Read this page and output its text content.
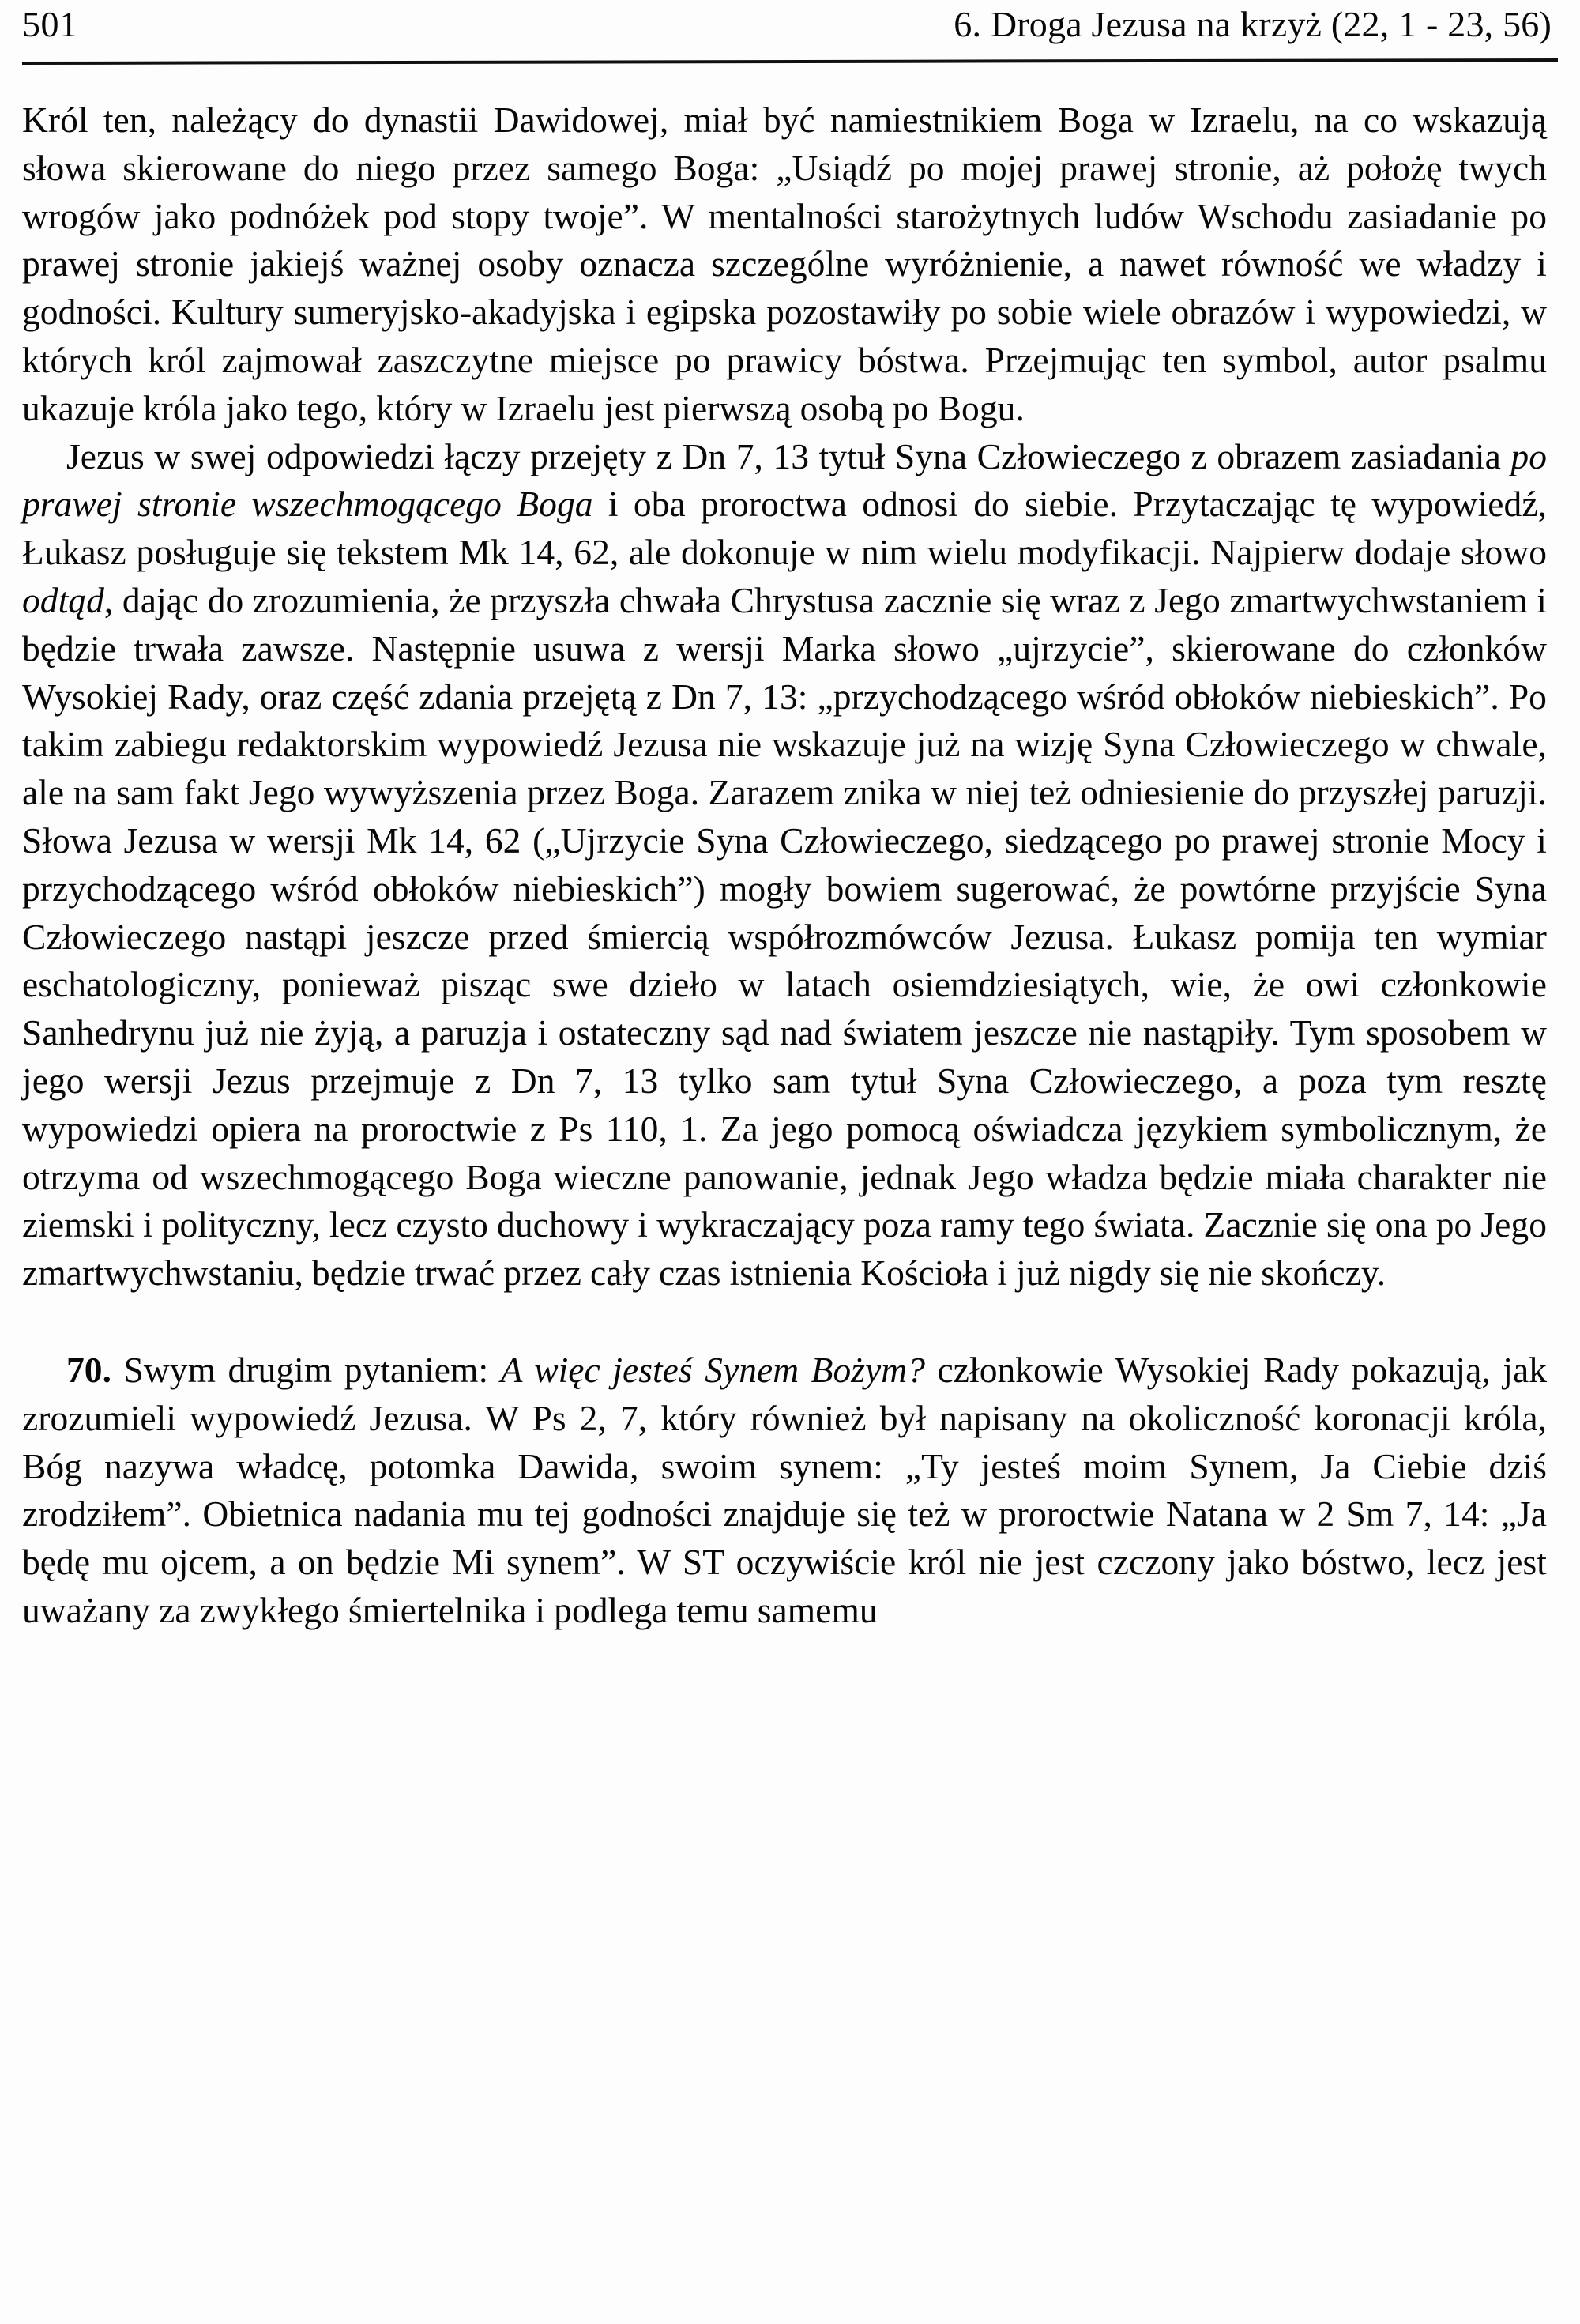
501	6. Droga Jezusa na krzyż (22, 1 - 23, 56)

Król ten, należący do dynastii Dawidowej, miał być namiestnikiem Boga w Izraelu, na co wskazują słowa skierowane do niego przez samego Boga: „Usiądź po mojej prawej stronie, aż położę twych wrogów jako podnóżek pod stopy twoje”. W mentalności starożytnych ludów Wschodu zasiadanie po prawej stronie jakiejś ważnej osoby oznacza szczególne wyróżnienie, a nawet równość we władzy i godności. Kultury sumeryjsko-akadyjska i egipska pozostawiły po sobie wiele obrazów i wypowiedzi, w których król zajmował zaszczytne miejsce po prawicy bóstwa. Przejmując ten symbol, autor psalmu ukazuje króla jako tego, który w Izraelu jest pierwszą osobą po Bogu.

Jezus w swej odpowiedzi łączy przejęty z Dn 7, 13 tytuł Syna Człowieczego z obrazem zasiadania po prawej stronie wszechmogącego Boga i oba proroctwa odnosi do siebie. Przytaczając tę wypowiedź, Łukasz posługuje się tekstem Mk 14, 62, ale dokonuje w nim wielu modyfikacji. Najpierw dodaje słowo odtąd, dając do zrozumienia, że przyszła chwała Chrystusa zacznie się wraz z Jego zmartwychwstaniem i będzie trwała zawsze. Następnie usuwa z wersji Marka słowo „ujrzycie”, skierowane do członków Wysokiej Rady, oraz część zdania przejętą z Dn 7, 13: „przychodzącego wśród obłoków niebieskich”. Po takim zabiegu redaktorskim wypowiedź Jezusa nie wskazuje już na wizję Syna Człowieczego w chwale, ale na sam fakt Jego wywyższenia przez Boga. Zarazem znika w niej też odniesienie do przyszłej paruzji. Słowa Jezusa w wersji Mk 14, 62 („Ujrzycie Syna Człowieczego, siedzącego po prawej stronie Mocy i przychodzącego wśród obłoków niebieskich”) mogły bowiem sugerować, że powtórne przyjście Syna Człowieczego nastąpi jeszcze przed śmiercią współrozmówców Jezusa. Łukasz pomija ten wymiar eschatologiczny, ponieważ pisząc swe dzieło w latach osiemdziesiątych, wie, że owi członkowie Sanhedrynu już nie żyją, a paruzja i ostateczny sąd nad światem jeszcze nie nastąpiły. Tym sposobem w jego wersji Jezus przejmuje z Dn 7, 13 tylko sam tytuł Syna Człowieczego, a poza tym resztę wypowiedzi opiera na proroctwie z Ps 110, 1. Za jego pomocą oświadcza językiem symbolicznym, że otrzyma od wszechmogącego Boga wieczne panowanie, jednak Jego władza będzie miała charakter nie ziemski i polityczny, lecz czysto duchowy i wykraczający poza ramy tego świata. Zacznie się ona po Jego zmartwychwstaniu, będzie trwać przez cały czas istnienia Kościoła i już nigdy się nie skończy.

70. Swym drugim pytaniem: A więc jesteś Synem Bożym? członkowie Wysokiej Rady pokazują, jak zrozumieli wypowiedź Jezusa. W Ps 2, 7, który również był napisany na okoliczność koronacji króla, Bóg nazywa władcę, potomka Dawida, swoim synem: „Ty jesteś moim Synem, Ja Ciebie dziś zrodziłem”. Obietnica nadania mu tej godności znajduje się też w proroctwie Natana w 2 Sm 7, 14: „Ja będę mu ojcem, a on będzie Mi synem”. W ST oczywiście król nie jest czczony jako bóstwo, lecz jest uważany za zwykłego śmiertelnika i podlega temu samemu
